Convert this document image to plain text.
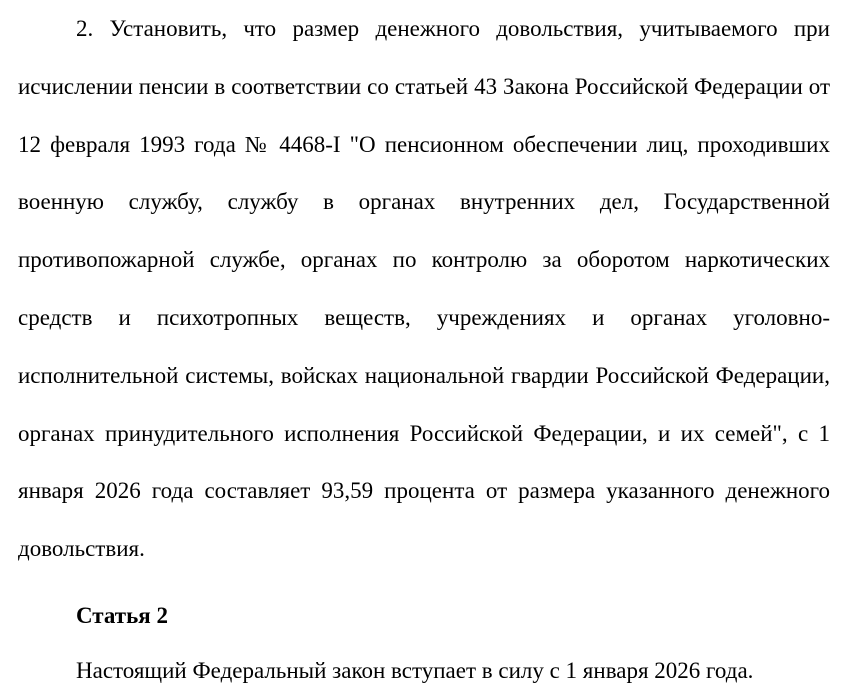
2. Установить, что размер денежного довольствия, учитываемого при исчислении пенсии в соответствии со статьей 43 Закона Российской Федерации от 12 февраля 1993 года № 4468-I "О пенсионном обеспечении лиц, проходивших военную службу, службу в органах внутренних дел, Государственной противопожарной службе, органах по контролю за оборотом наркотических средств и психотропных веществ, учреждениях и органах уголовно-исполнительной системы, войсках национальной гвардии Российской Федерации, органах принудительного исполнения Российской Федерации, и их семей", с 1 января 2026 года составляет 93,59 процента от размера указанного денежного довольствия.

Статья 2

Настоящий Федеральный закон вступает в силу с 1 января 2026 года.
